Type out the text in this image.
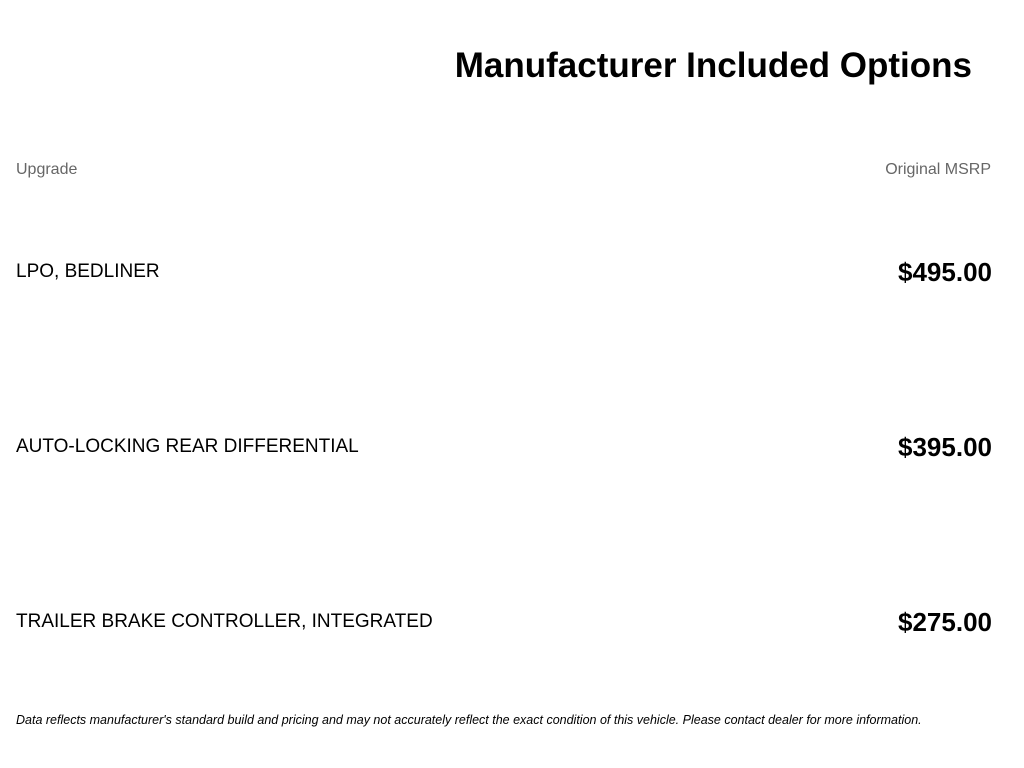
Manufacturer Included Options
Upgrade	Original MSRP
LPO, BEDLINER	$495.00
AUTO-LOCKING REAR DIFFERENTIAL	$395.00
TRAILER BRAKE CONTROLLER, INTEGRATED	$275.00
Data reflects manufacturer's standard build and pricing and may not accurately reflect the exact condition of this vehicle. Please contact dealer for more information.
